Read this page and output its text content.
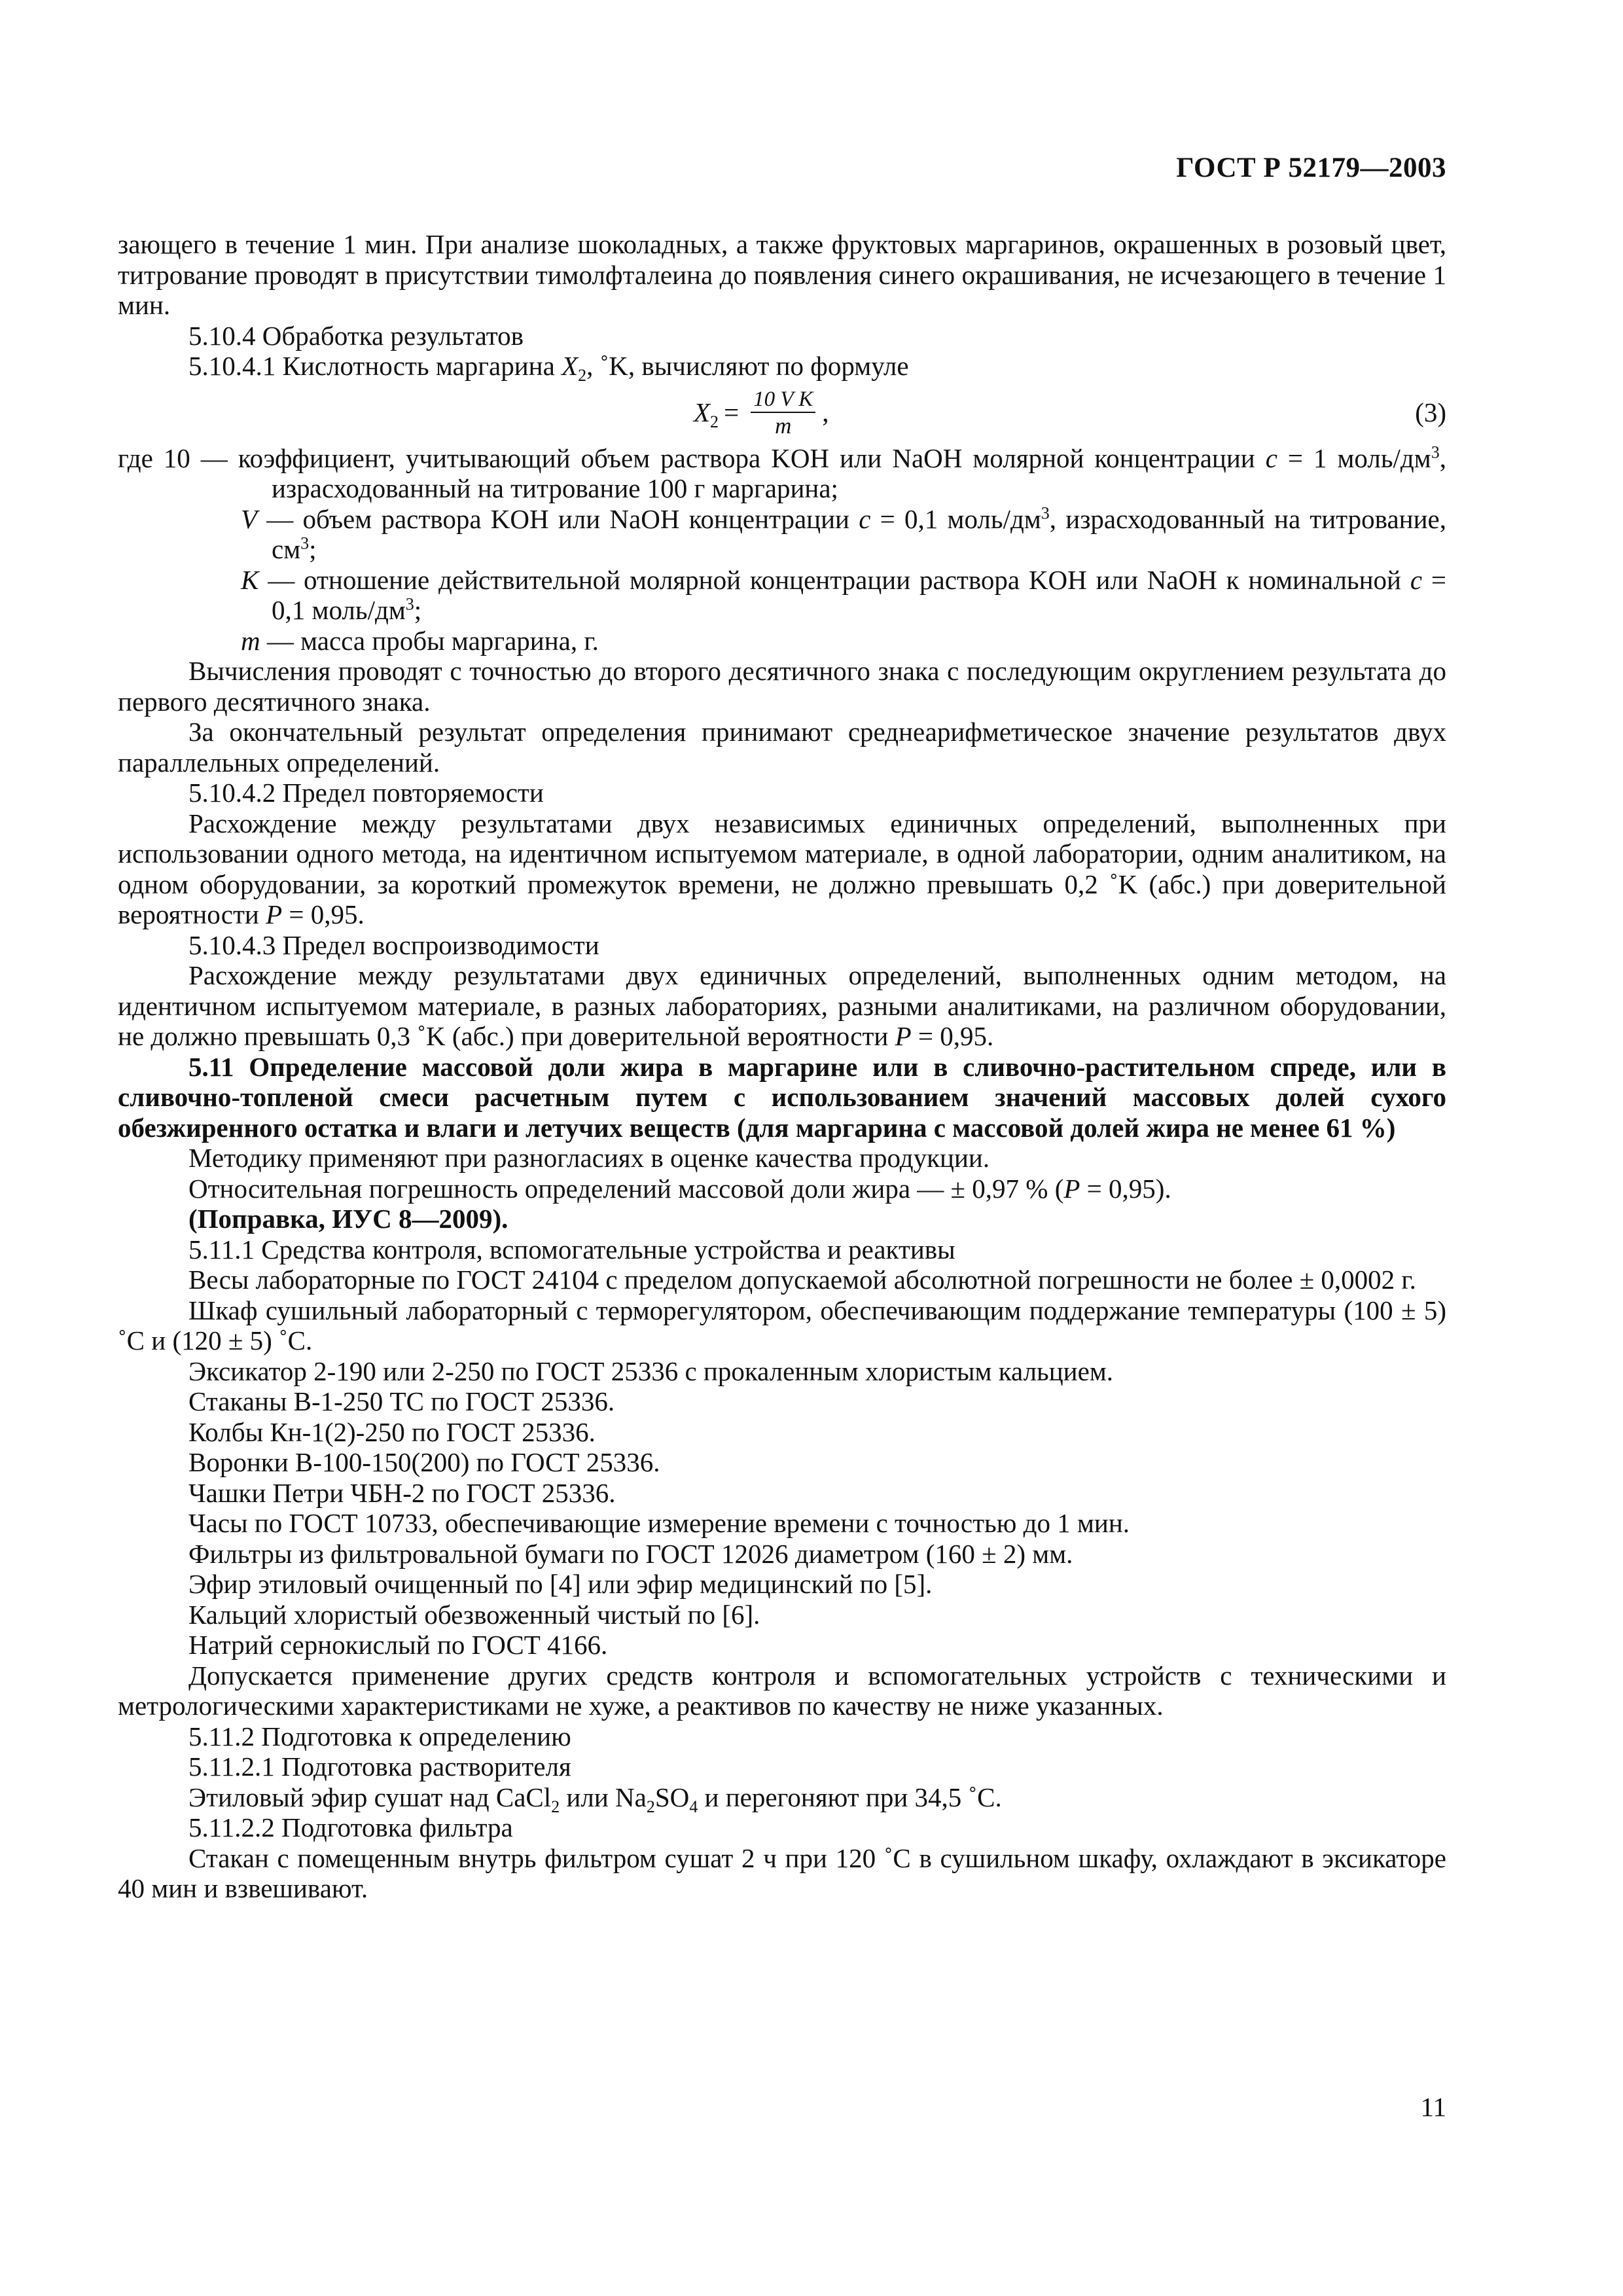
ГОСТ Р 52179—2003

зающего в течение 1 мин. При анализе шоколадных, а также фруктовых маргаринов, окрашенных в розовый цвет, титрование проводят в присутствии тимолфталеина до появления синего окрашивания, не исчезающего в течение 1 мин.

5.10.4 Обработка результатов

5.10.4.1 Кислотность маргарина $X_2$, ˚K, вычисляют по формуле

$X_2 = \frac{\text{10 V K}}{m}$ ,	(3)

где 10 — коэффициент, учитывающий объем раствора KOH или NaOH молярной концентрации c = 1 моль/$дм^3$, израсходованный на титрование 100 г маргарина;

V — объем раствора KOH или NaOH концентрации c = 0,1 моль/$дм^3$, израсходованный на титрование, $см^3$;

K — отношение действительной молярной концентрации раствора KOH или NaOH к номинальной c = 0,1 моль/$дм^3$;

m — масса пробы маргарина, г.

Вычисления проводят с точностью до второго десятичного знака с последующим округлением результата до первого десятичного знака.

За окончательный результат определения принимают среднеарифметическое значение результатов двух параллельных определений.

5.10.4.2 Предел повторяемости

Расхождение между результатами двух независимых единичных определений, выполненных при использовании одного метода, на идентичном испытуемом материале, в одной лаборатории, одним аналитиком, на одном оборудовании, за короткий промежуток времени, не должно превышать 0,2 ˚K (абс.) при доверительной вероятности P = 0,95.

5.10.4.3 Предел воспроизводимости

Расхождение между результатами двух единичных определений, выполненных одним методом, на идентичном испытуемом материале, в разных лабораториях, разными аналитиками, на различном оборудовании, не должно превышать 0,3 ˚K (абс.) при доверительной вероятности P = 0,95.

5.11 Определение массовой доли жира в маргарине или в сливочно-растительном спреде, или в сливочно-топленой смеси расчетным путем с использованием значений массовых долей сухого обезжиренного остатка и влаги и летучих веществ (для маргарина с массовой долей жира не менее 61 %)

Методику применяют при разногласиях в оценке качества продукции.

Относительная погрешность определений массовой доли жира — ± 0,97 % (P = 0,95).

(Поправка, ИУС 8—2009).

5.11.1 Средства контроля, вспомогательные устройства и реактивы

Весы лабораторные по ГОСТ 24104 с пределом допускаемой абсолютной погрешности не более ± 0,0002 г.

Шкаф сушильный лабораторный с терморегулятором, обеспечивающим поддержание температуры (100 ± 5) ˚C и (120 ± 5) ˚C.

Эксикатор 2-190 или 2-250 по ГОСТ 25336 с прокаленным хлористым кальцием.

Стаканы В-1-250 ТС по ГОСТ 25336.

Колбы Кн-1(2)-250 по ГОСТ 25336.

Воронки В-100-150(200) по ГОСТ 25336.

Чашки Петри ЧБН-2 по ГОСТ 25336.

Часы по ГОСТ 10733, обеспечивающие измерение времени с точностью до 1 мин.

Фильтры из фильтровальной бумаги по ГОСТ 12026 диаметром (160 ± 2) мм.

Эфир этиловый очищенный по [4] или эфир медицинский по [5].

Кальций хлористый обезвоженный чистый по [6].

Натрий сернокислый по ГОСТ 4166.

Допускается применение других средств контроля и вспомогательных устройств с техническими и метрологическими характеристиками не хуже, а реактивов по качеству не ниже указанных.

5.11.2 Подготовка к определению

5.11.2.1 Подготовка растворителя

Этиловый эфир сушат над CaCl$_2$ или $Na_2SO_4$ и перегоняют при 34,5 ˚C.

5.11.2.2 Подготовка фильтра

Стакан с помещенным внутрь фильтром сушат 2 ч при 120 ˚C в сушильном шкафу, охлаждают в эксикаторе 40 мин и взвешивают.

11
